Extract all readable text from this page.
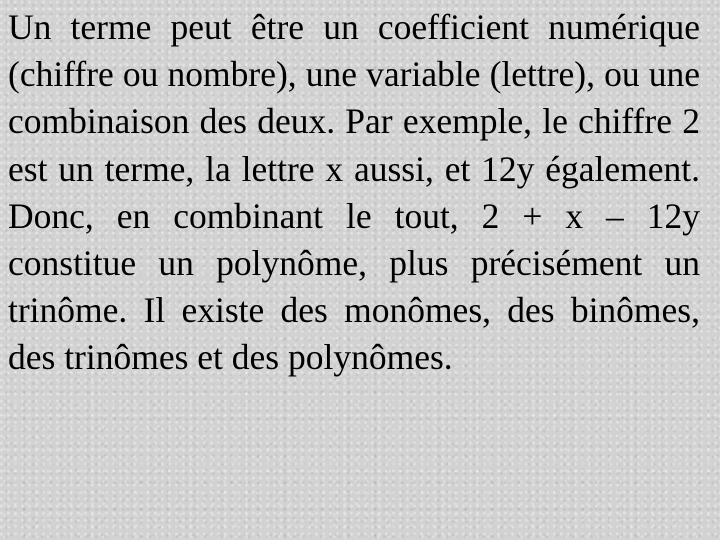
Un terme peut être un coefficient numérique (chiffre ou nombre), une variable (lettre), ou une combinaison des deux. Par exemple, le chiffre 2 est un terme, la lettre x aussi, et 12y également. Donc, en combinant le tout, 2 + x – 12y constitue un polynôme, plus précisément un trinôme. Il existe des monômes, des binômes, des trinômes et des polynômes.
